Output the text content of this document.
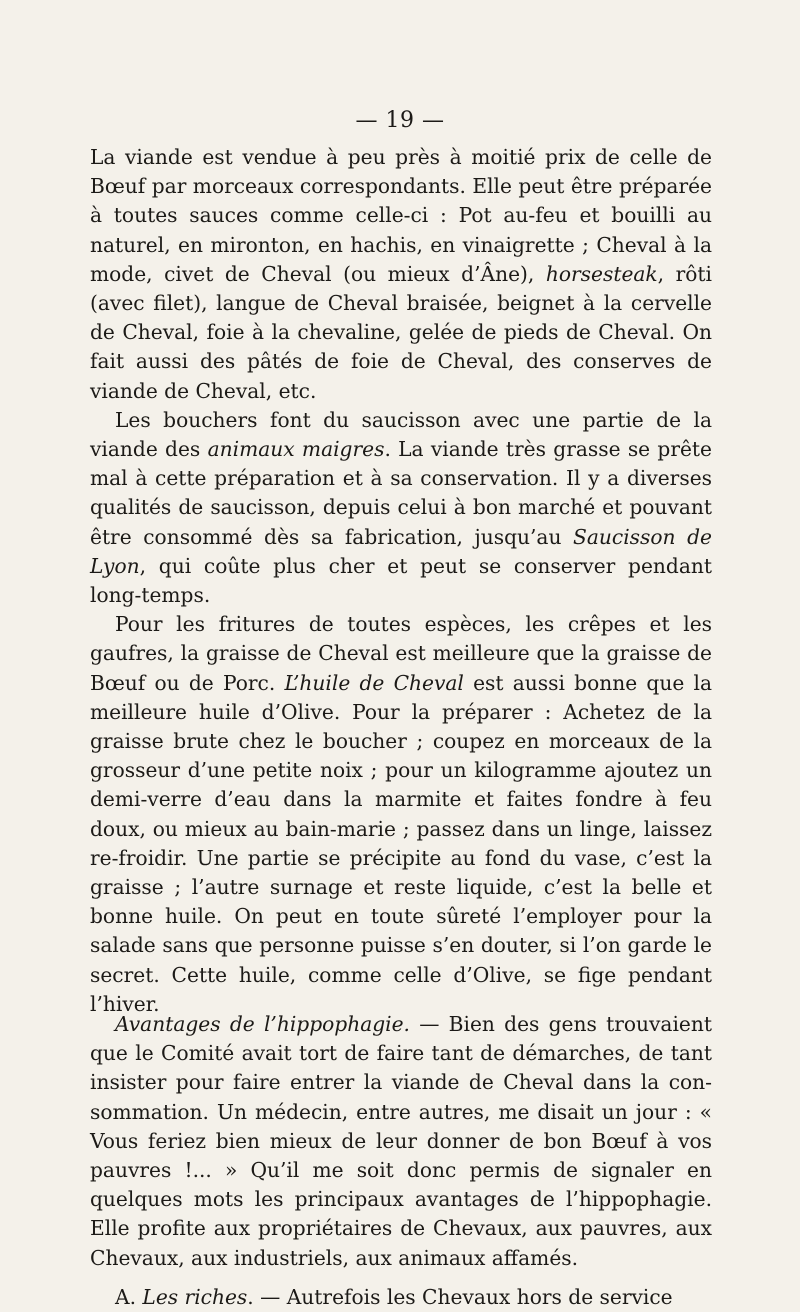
— 19 —

La viande est vendue à peu près à moitié prix de celle de Bœuf par morceaux correspondants. Elle peut être préparée à toutes sauces comme celle-ci : Pot au-feu et bouilli au naturel, en mironton, en hachis, en vinaigrette ; Cheval à la mode, civet de Cheval (ou mieux d’Âne), horsesteak, rôti (avec filet), langue de Cheval braisée, beignet à la cervelle de Cheval, foie à la chevaline, gelée de pieds de Cheval. On fait aussi des pâtés de foie de Cheval, des conserves de viande de Cheval, etc.

Les bouchers font du saucisson avec une partie de la viande des animaux maigres. La viande très grasse se prête mal à cette préparation et à sa conservation. Il y a diverses qualités de saucisson, depuis celui à bon marché et pouvant être consommé dès sa fabrication, jusqu’au Saucisson de Lyon, qui coûte plus cher et peut se conserver pendant long-temps.

Pour les fritures de toutes espèces, les crêpes et les gaufres, la graisse de Cheval est meilleure que la graisse de Bœuf ou de Porc. L’huile de Cheval est aussi bonne que la meilleure huile d’Olive. Pour la préparer : Achetez de la graisse brute chez le boucher ; coupez en morceaux de la grosseur d’une petite noix ; pour un kilogramme ajoutez un demi-verre d’eau dans la marmite et faites fondre à feu doux, ou mieux au bain-marie ; passez dans un linge, laissez re-froidir. Une partie se précipite au fond du vase, c’est la graisse ; l’autre surnage et reste liquide, c’est la belle et bonne huile. On peut en toute sûreté l’employer pour la salade sans que personne puisse s’en douter, si l’on garde le secret. Cette huile, comme celle d’Olive, se fige pendant l’hiver.

Avantages de l’hippophagie. — Bien des gens trouvaient que le Comité avait tort de faire tant de démarches, de tant insister pour faire entrer la viande de Cheval dans la con-sommation. Un médecin, entre autres, me disait un jour : « Vous feriez bien mieux de leur donner de bon Bœuf à vos pauvres !... » Qu’il me soit donc permis de signaler en quelques mots les principaux avantages de l’hippophagie. Elle profite aux propriétaires de Chevaux, aux pauvres, aux Chevaux, aux industriels, aux animaux affamés.

A. Les riches. — Autrefois les Chevaux hors de service
